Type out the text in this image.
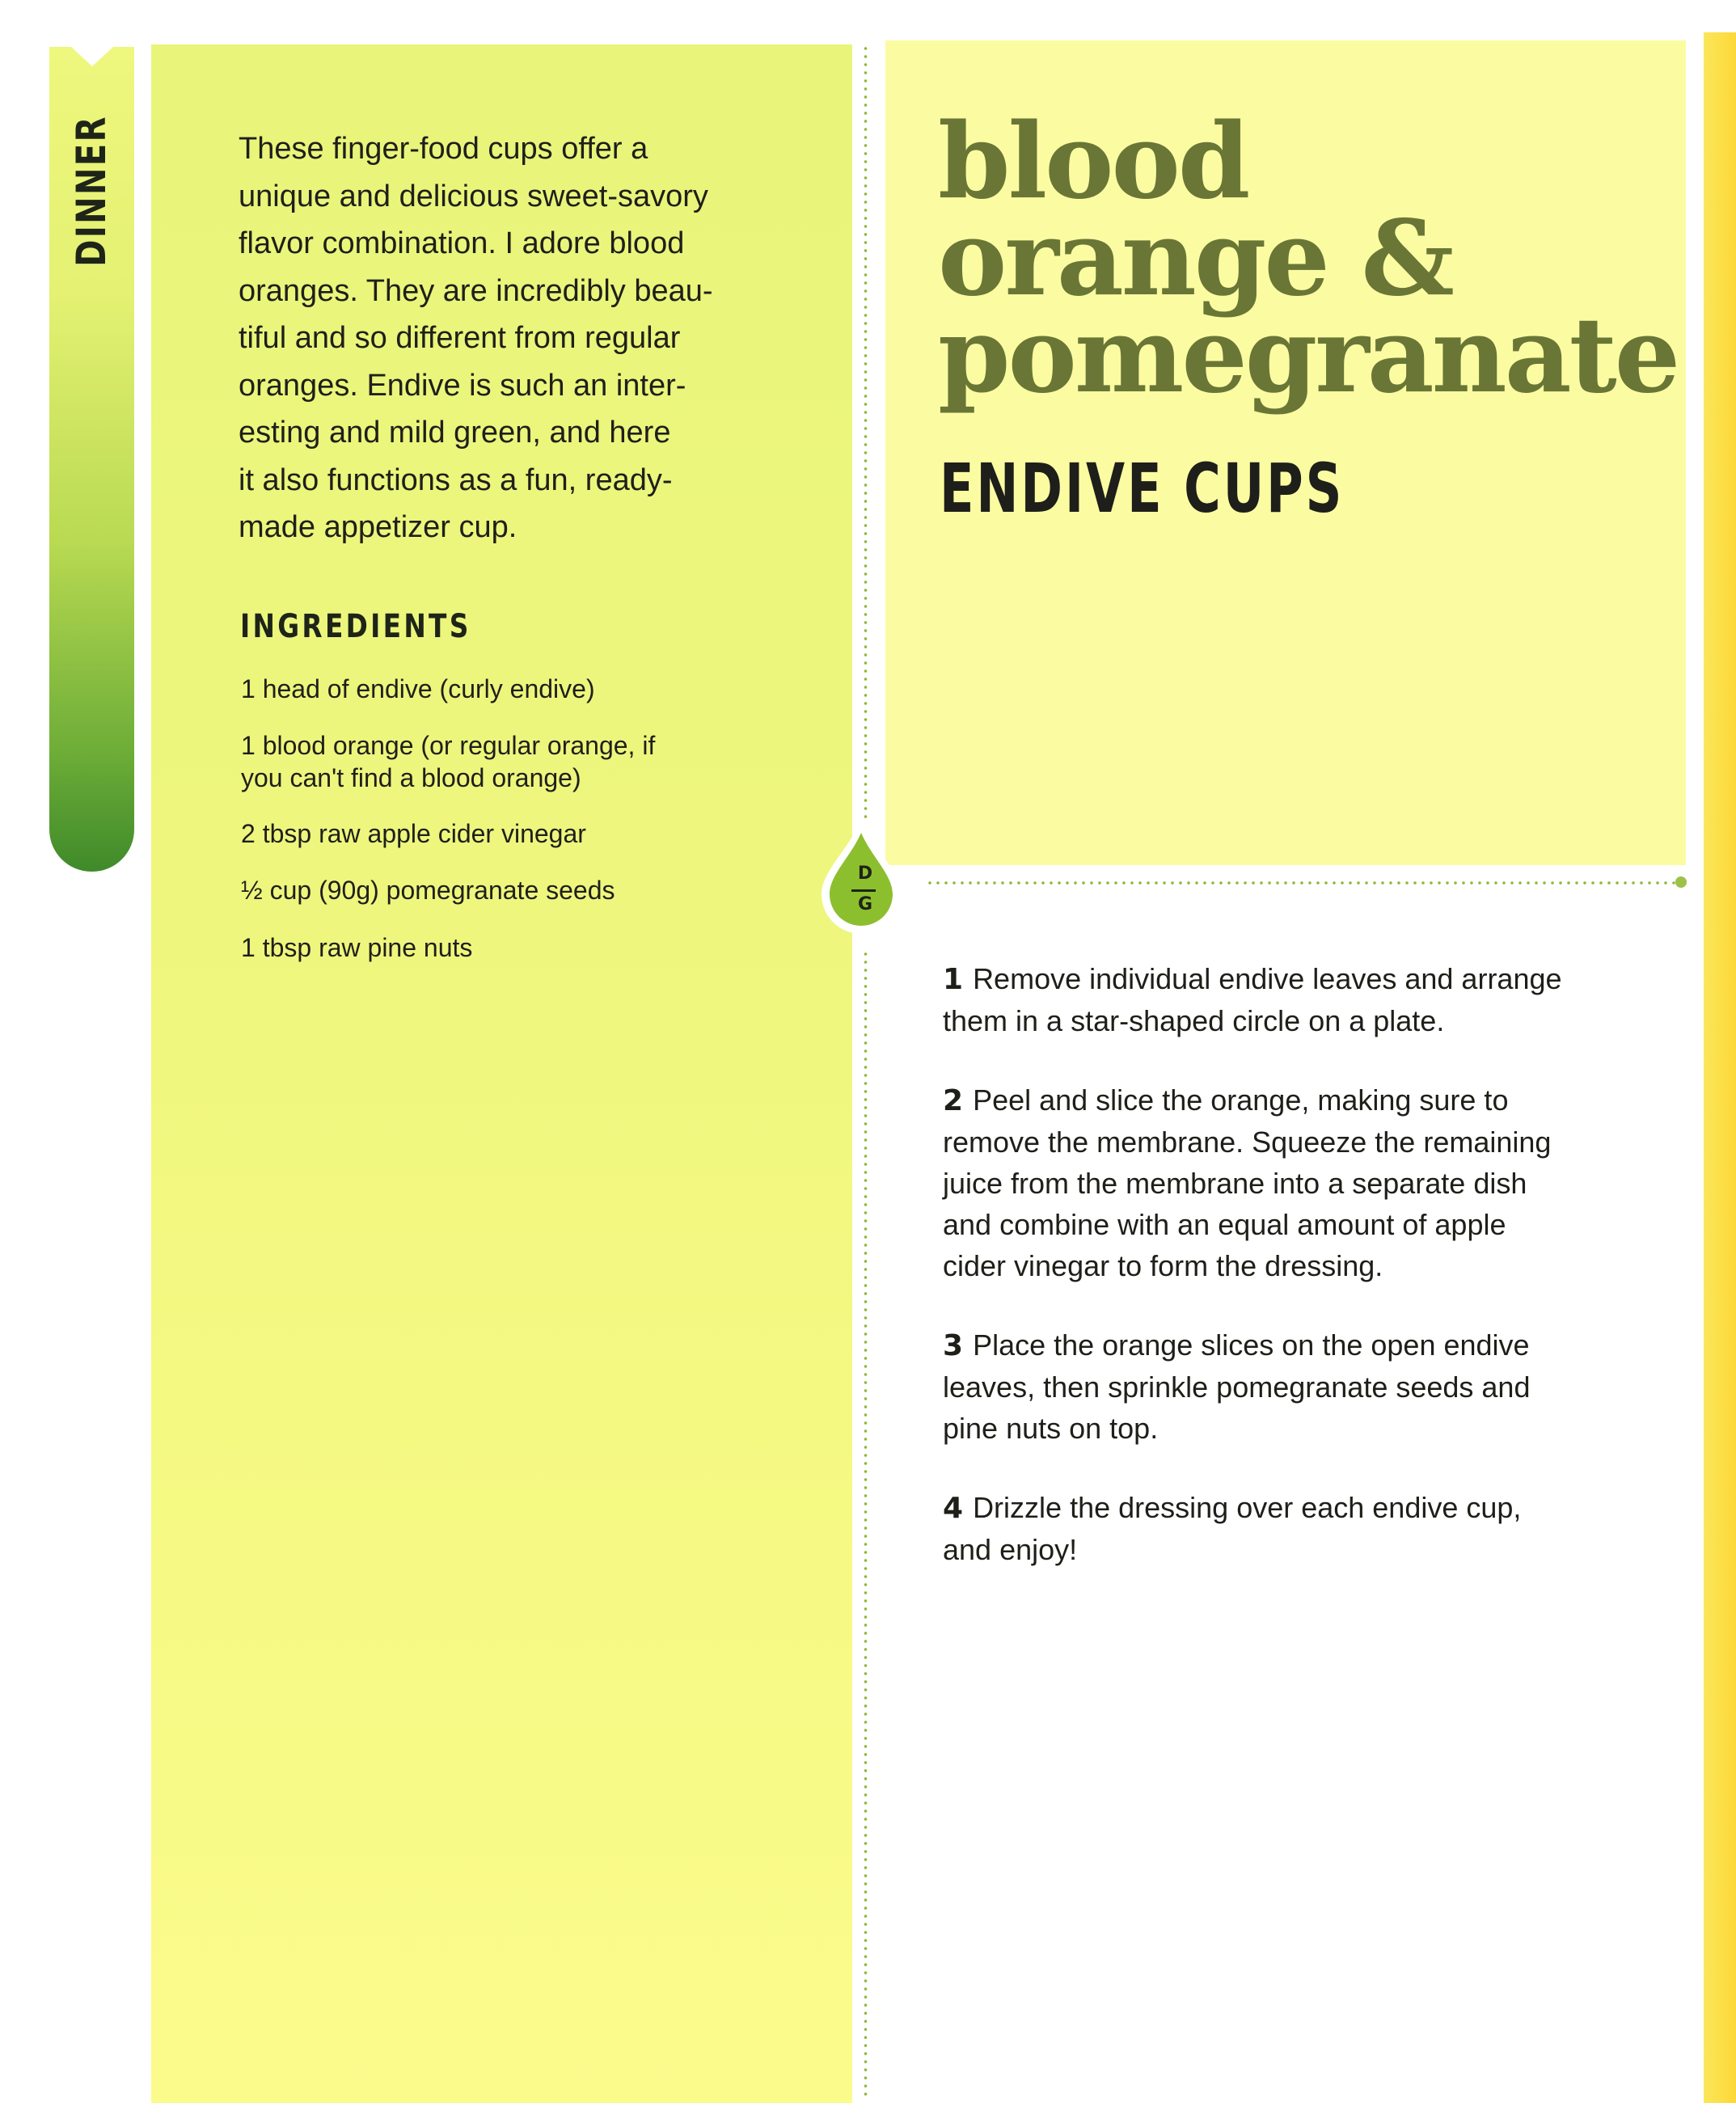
DINNER	These finger-food cups offer a
unique and delicious sweet-savory
flavor combination. I adore blood
oranges. They are incredibly beau-
tiful and so different from regular
oranges. Endive is such an inter-
esting and mild green, and here
it also functions as a fun, ready-
made appetizer cup.
INGREDIENTS
1 head of endive (curly endive)
1 blood orange (or regular orange, if
you can't find a blood orange)
2 tbsp raw apple cider vinegar
½ cup (90g) pomegranate seeds
1 tbsp raw pine nuts
blood
orange &
pomegranate
ENDIVE CUPS
D
G
1 Remove individual endive leaves and arrange
them in a star-shaped circle on a plate.
2 Peel and slice the orange, making sure to
remove the membrane. Squeeze the remaining
juice from the membrane into a separate dish
and combine with an equal amount of apple
cider vinegar to form the dressing.
3 Place the orange slices on the open endive
leaves, then sprinkle pomegranate seeds and
pine nuts on top.
4 Drizzle the dressing over each endive cup,
and enjoy!
